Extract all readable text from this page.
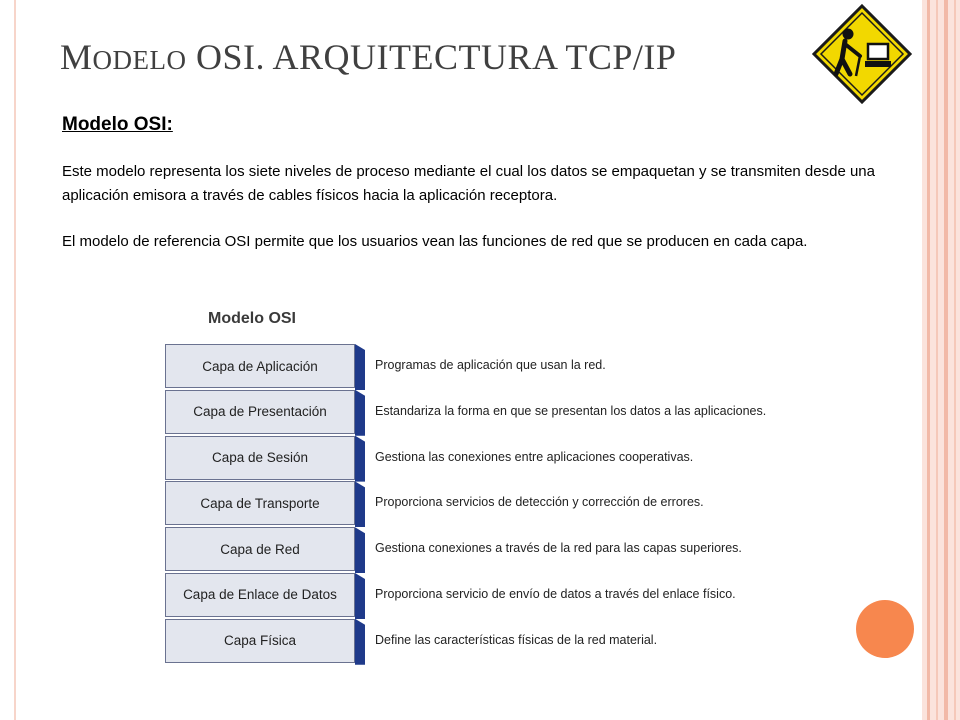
MODELO OSI. ARQUITECTURA TCP/IP
Modelo OSI:

Este modelo representa los siete niveles de proceso mediante el cual los datos se empaquetan y se transmiten desde una aplicación emisora a través de cables físicos hacia la aplicación receptora.

El modelo de referencia OSI permite que los usuarios vean las funciones de red que se producen en cada capa.

Modelo OSI
Capa de Aplicación	Programas de aplicación que usan la red.
Capa de Presentación	Estandariza la forma en que se presentan los datos a las aplicaciones.
Capa de Sesión	Gestiona las conexiones entre aplicaciones cooperativas.
Capa de Transporte	Proporciona servicios de detección y corrección de errores.
Capa de Red	Gestiona conexiones a través de la red para las capas superiores.
Capa de Enlace de Datos	Proporciona servicio de envío de datos a través del enlace físico.
Capa Física	Define las características físicas de la red material.
